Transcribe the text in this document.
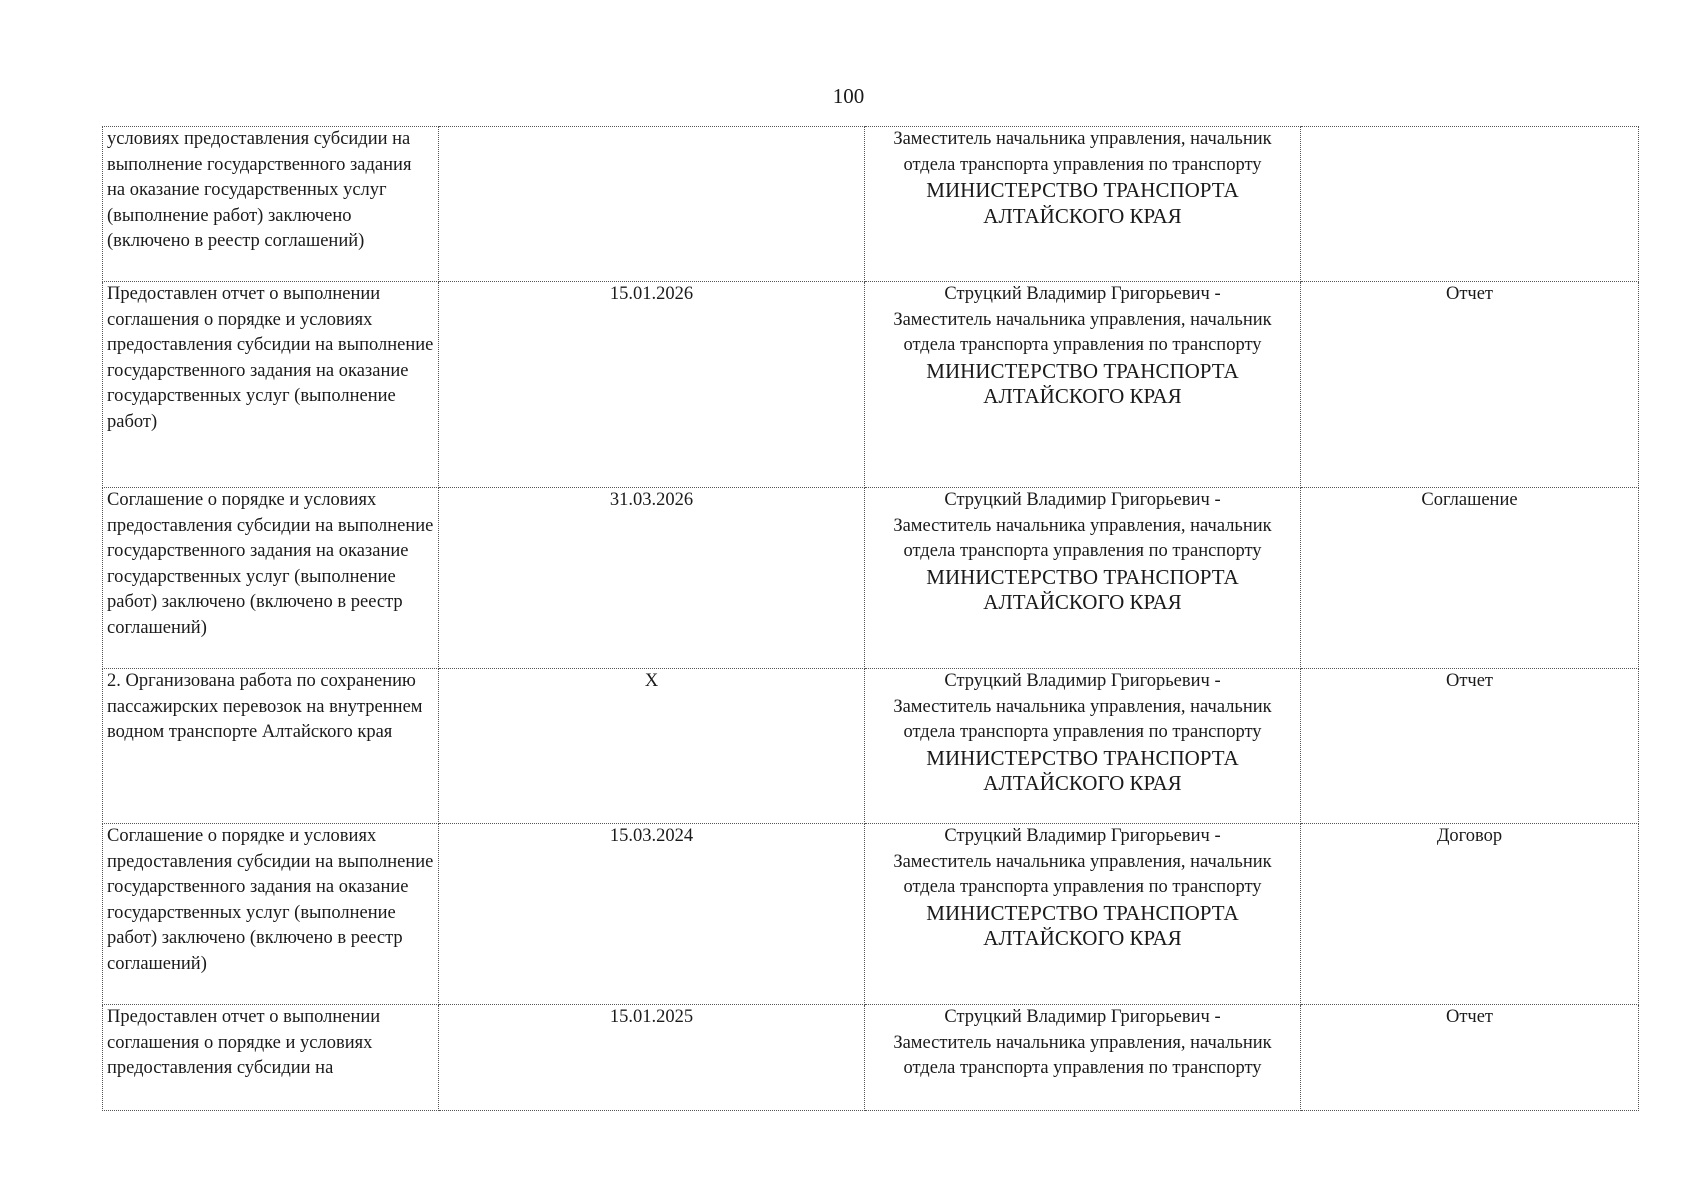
100
условиях предоставления субсидии на выполнение государственного задания на оказание государственных услуг (выполнение работ) заключено (включено в реестр соглашений)		Заместитель начальника управления, начальник отдела транспорта управления по транспорту
МИНИСТЕРСТВО ТРАНСПОРТА АЛТАЙСКОГО КРАЯ	

Предоставлен отчет о выполнении соглашения о порядке и условиях предоставления субсидии на выполнение государственного задания на оказание государственных услуг (выполнение работ)	15.01.2026	Струцкий Владимир Григорьевич -
Заместитель начальника управления, начальник отдела транспорта управления по транспорту
МИНИСТЕРСТВО ТРАНСПОРТА АЛТАЙСКОГО КРАЯ	Отчет
Соглашение о порядке и условиях предоставления субсидии на выполнение государственного задания на оказание государственных услуг (выполнение работ) заключено (включено в реестр соглашений)	31.03.2026	Струцкий Владимир Григорьевич -
Заместитель начальника управления, начальник отдела транспорта управления по транспорту
МИНИСТЕРСТВО ТРАНСПОРТА АЛТАЙСКОГО КРАЯ	Соглашение
2. Организована работа по сохранению пассажирских перевозок на внутреннем водном транспорте Алтайского края	X	Струцкий Владимир Григорьевич -
Заместитель начальника управления, начальник отдела транспорта управления по транспорту
МИНИСТЕРСТВО ТРАНСПОРТА АЛТАЙСКОГО КРАЯ	Отчет
Соглашение о порядке и условиях предоставления субсидии на выполнение государственного задания на оказание государственных услуг (выполнение работ) заключено (включено в реестр соглашений)	15.03.2024	Струцкий Владимир Григорьевич -
Заместитель начальника управления, начальник отдела транспорта управления по транспорту
МИНИСТЕРСТВО ТРАНСПОРТА АЛТАЙСКОГО КРАЯ	Договор
Предоставлен отчет о выполнении соглашения о порядке и условиях предоставления субсидии на	15.01.2025	Струцкий Владимир Григорьевич -
Заместитель начальника управления, начальник отдела транспорта управления по транспорту	Отчет
